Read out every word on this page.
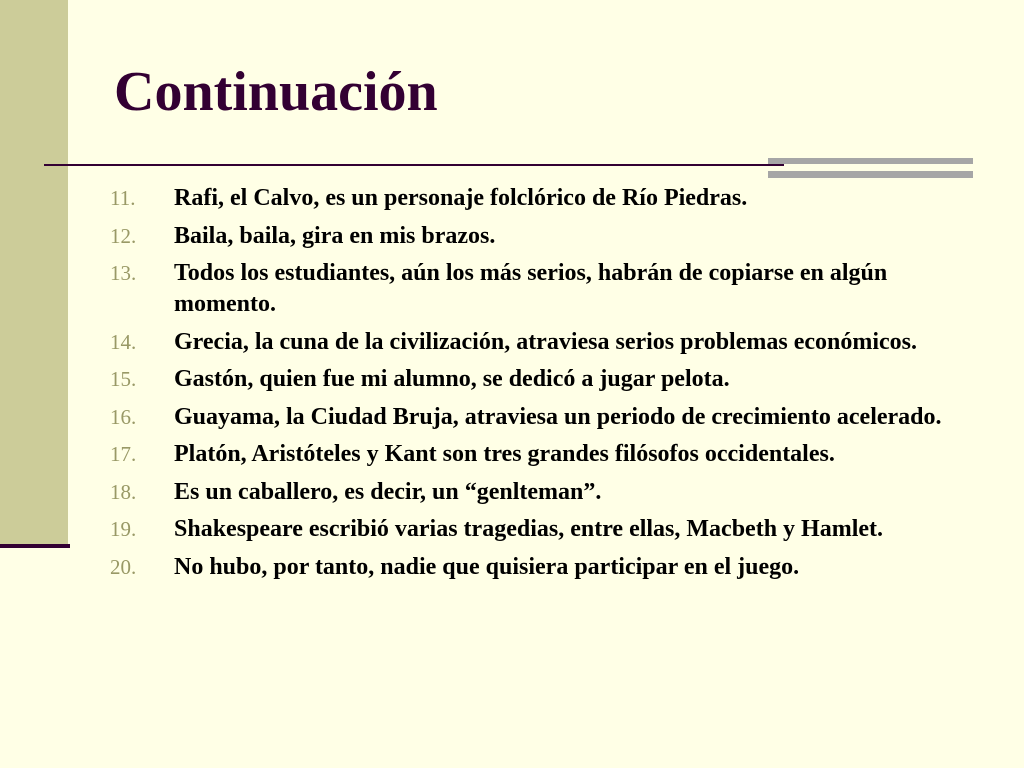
Continuación
11.	Rafi, el Calvo, es un personaje folclórico de Río Piedras.
12.	Baila, baila, gira en mis brazos.
13.	Todos los estudiantes, aún los más serios, habrán de copiarse en algún momento.
14.	Grecia, la cuna de la civilización, atraviesa serios problemas económicos.
15.	Gastón, quien fue mi alumno, se dedicó a jugar pelota.
16.	Guayama, la Ciudad Bruja, atraviesa un periodo de crecimiento acelerado.
17.	Platón, Aristóteles y Kant son tres grandes filósofos occidentales.
18.	Es un caballero, es decir, un “genlteman”.
19.	Shakespeare escribió varias tragedias, entre ellas, Macbeth y Hamlet.
20.	No hubo, por tanto, nadie que quisiera participar en el juego.
